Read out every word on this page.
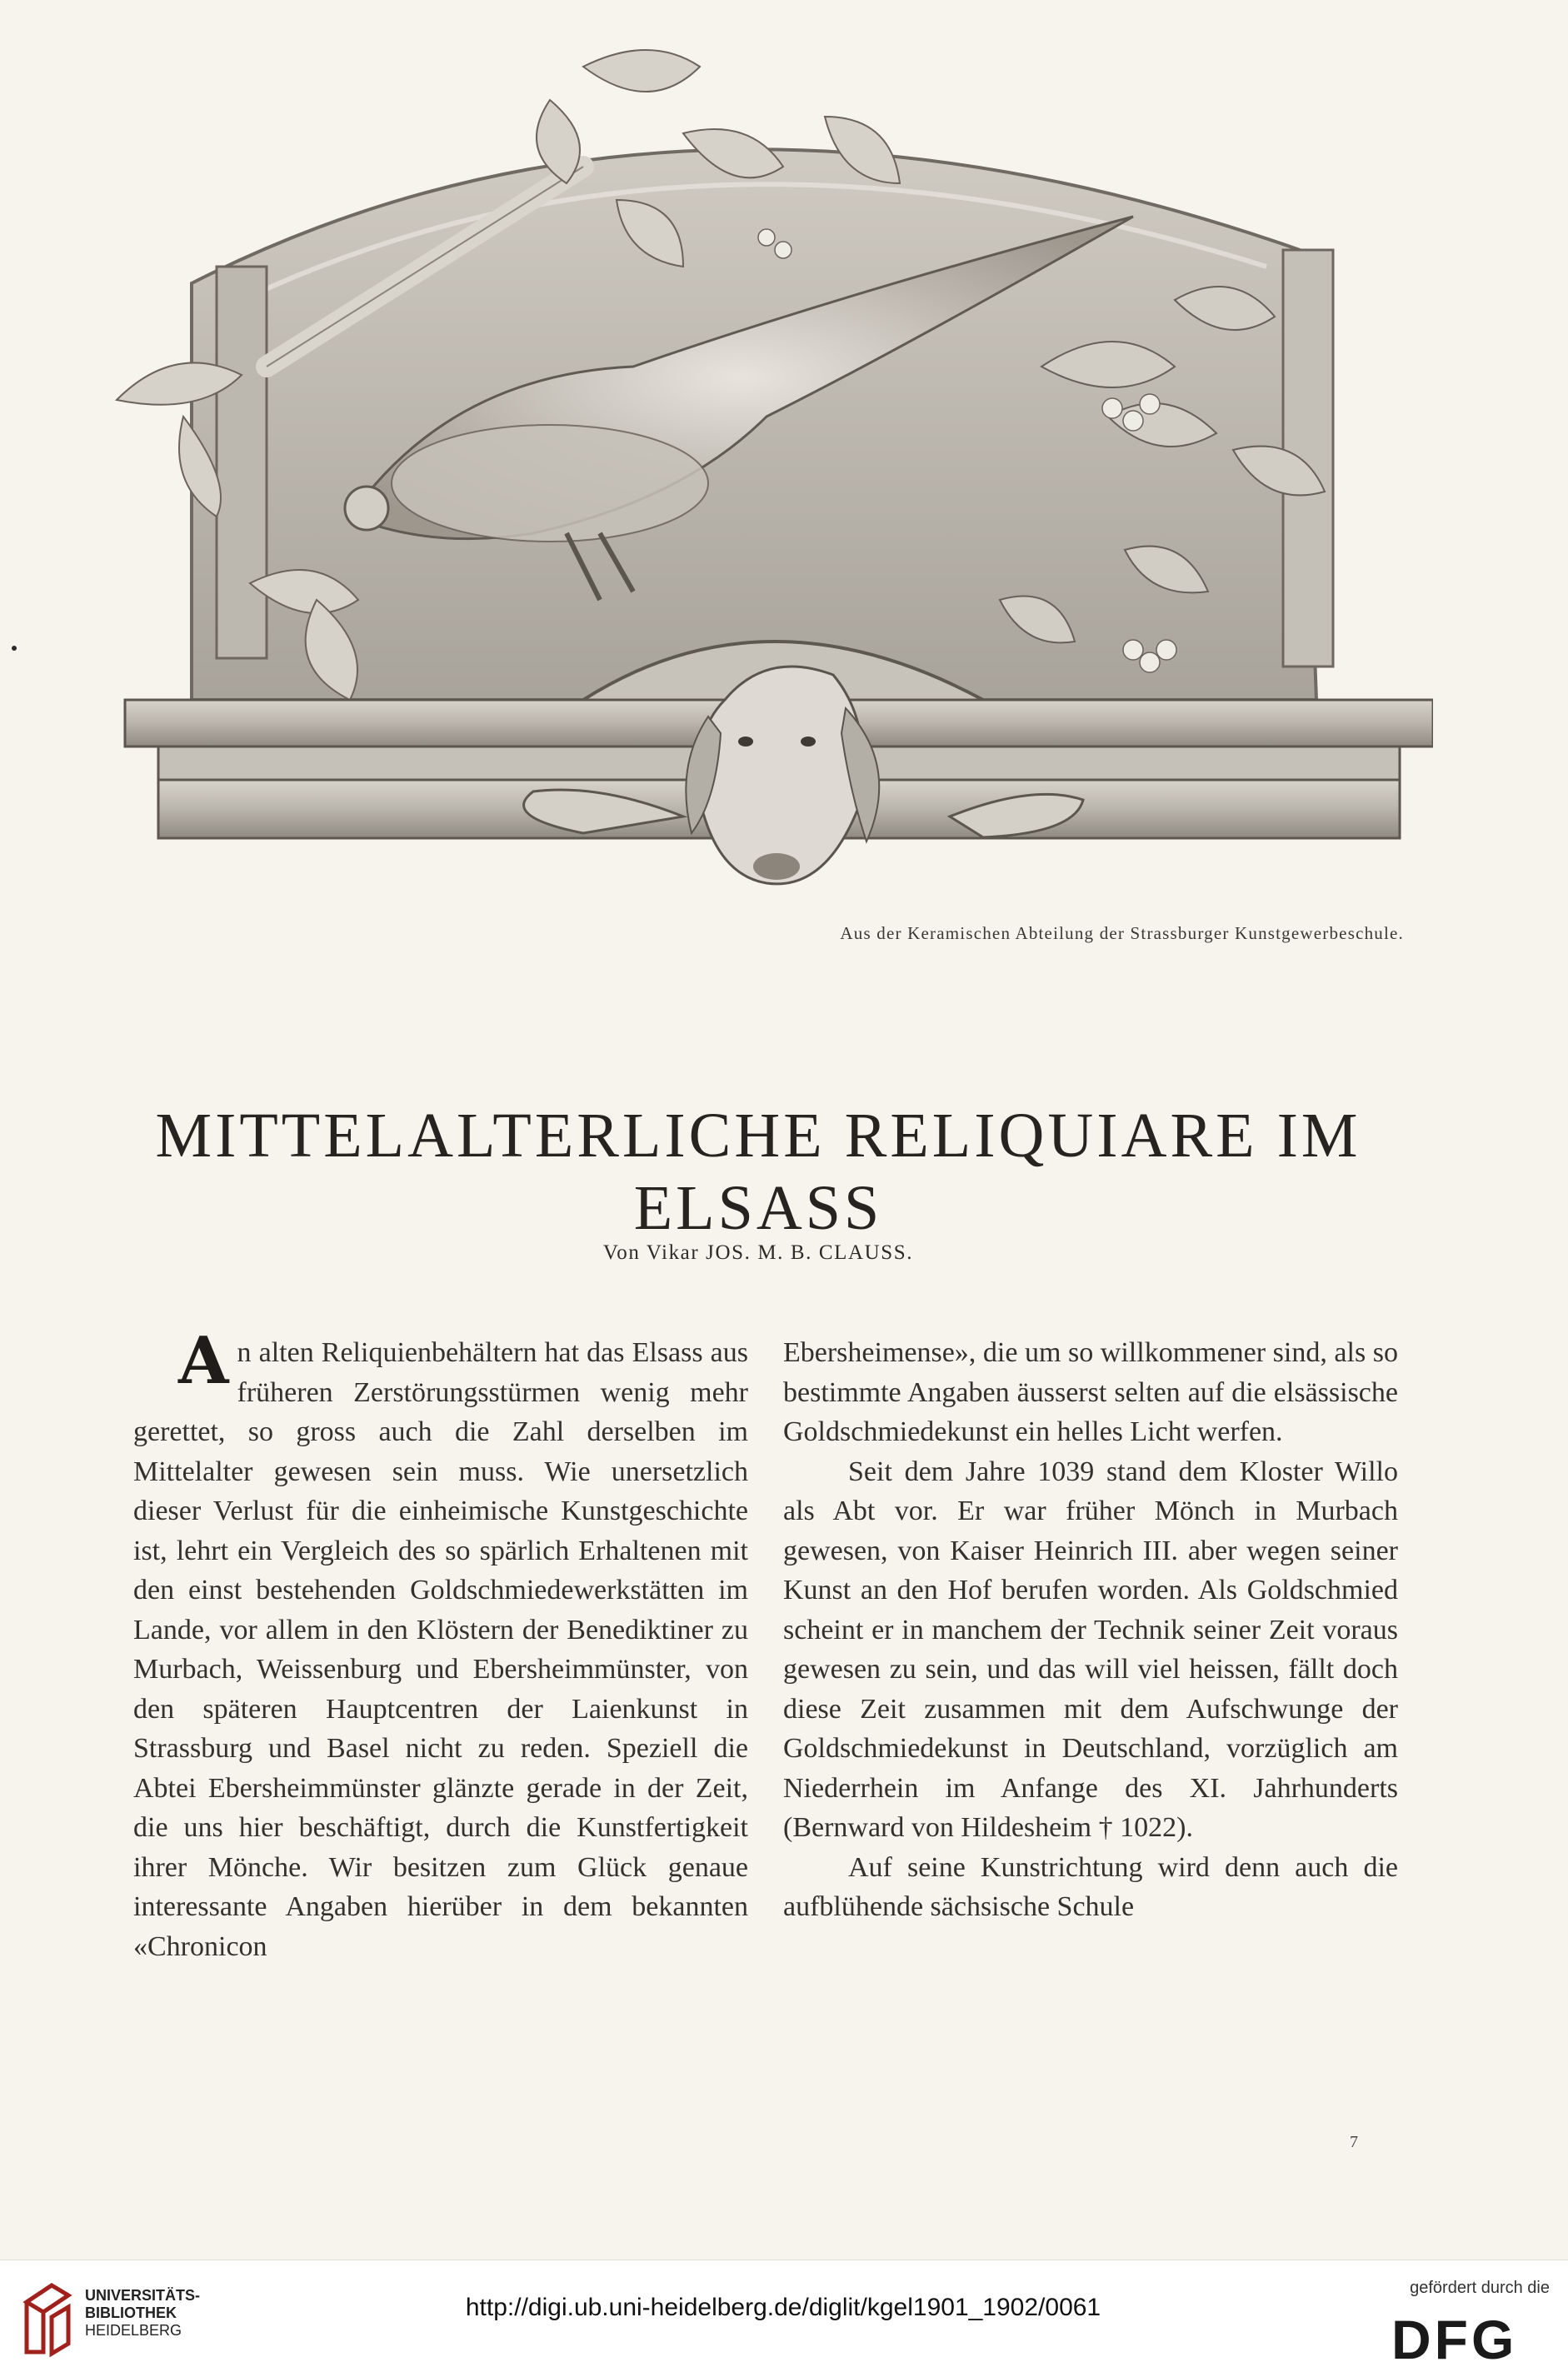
Aus der Keramischen Abteilung der Strassburger Kunstgewerbeschule.
MITTELALTERLICHE RELIQUIARE IM ELSASS
Von Vikar JOS. M. B. CLAUSS.

An alten Reliquienbehältern hat das Elsass aus früheren Zerstörungsstürmen wenig mehr gerettet, so gross auch die Zahl derselben im Mittelalter gewesen sein muss. Wie unersetzlich dieser Verlust für die einheimische Kunstgeschichte ist, lehrt ein Vergleich des so spärlich Erhaltenen mit den einst bestehenden Goldschmiedewerkstätten im Lande, vor allem in den Klöstern der Benediktiner zu Murbach, Weissenburg und Ebersheimmünster, von den späteren Hauptcentren der Laienkunst in Strassburg und Basel nicht zu reden. Speziell die Abtei Ebersheimmünster glänzte gerade in der Zeit, die uns hier beschäftigt, durch die Kunstfertigkeit ihrer Mönche. Wir besitzen zum Glück genaue interessante Angaben hierüber in dem bekannten «Chronicon

Ebersheimense», die um so willkommener sind, als so bestimmte Angaben äusserst selten auf die elsässische Goldschmiedekunst ein helles Licht werfen.

Seit dem Jahre 1039 stand dem Kloster Willo als Abt vor. Er war früher Mönch in Murbach gewesen, von Kaiser Heinrich III. aber wegen seiner Kunst an den Hof berufen worden. Als Goldschmied scheint er in manchem der Technik seiner Zeit voraus gewesen zu sein, und das will viel heissen, fällt doch diese Zeit zusammen mit dem Aufschwunge der Goldschmiedekunst in Deutschland, vorzüglich am Niederrhein im Anfange des XI. Jahrhunderts (Bernward von Hildesheim † 1022).

Auf seine Kunstrichtung wird denn auch die aufblühende sächsische Schule

7
UNIVERSITÄTS-
BIBLIOTHEK
HEIDELBERG
http://digi.ub.uni-heidelberg.de/diglit/kgel1901_1902/0061
gefördert durch die
DFG
